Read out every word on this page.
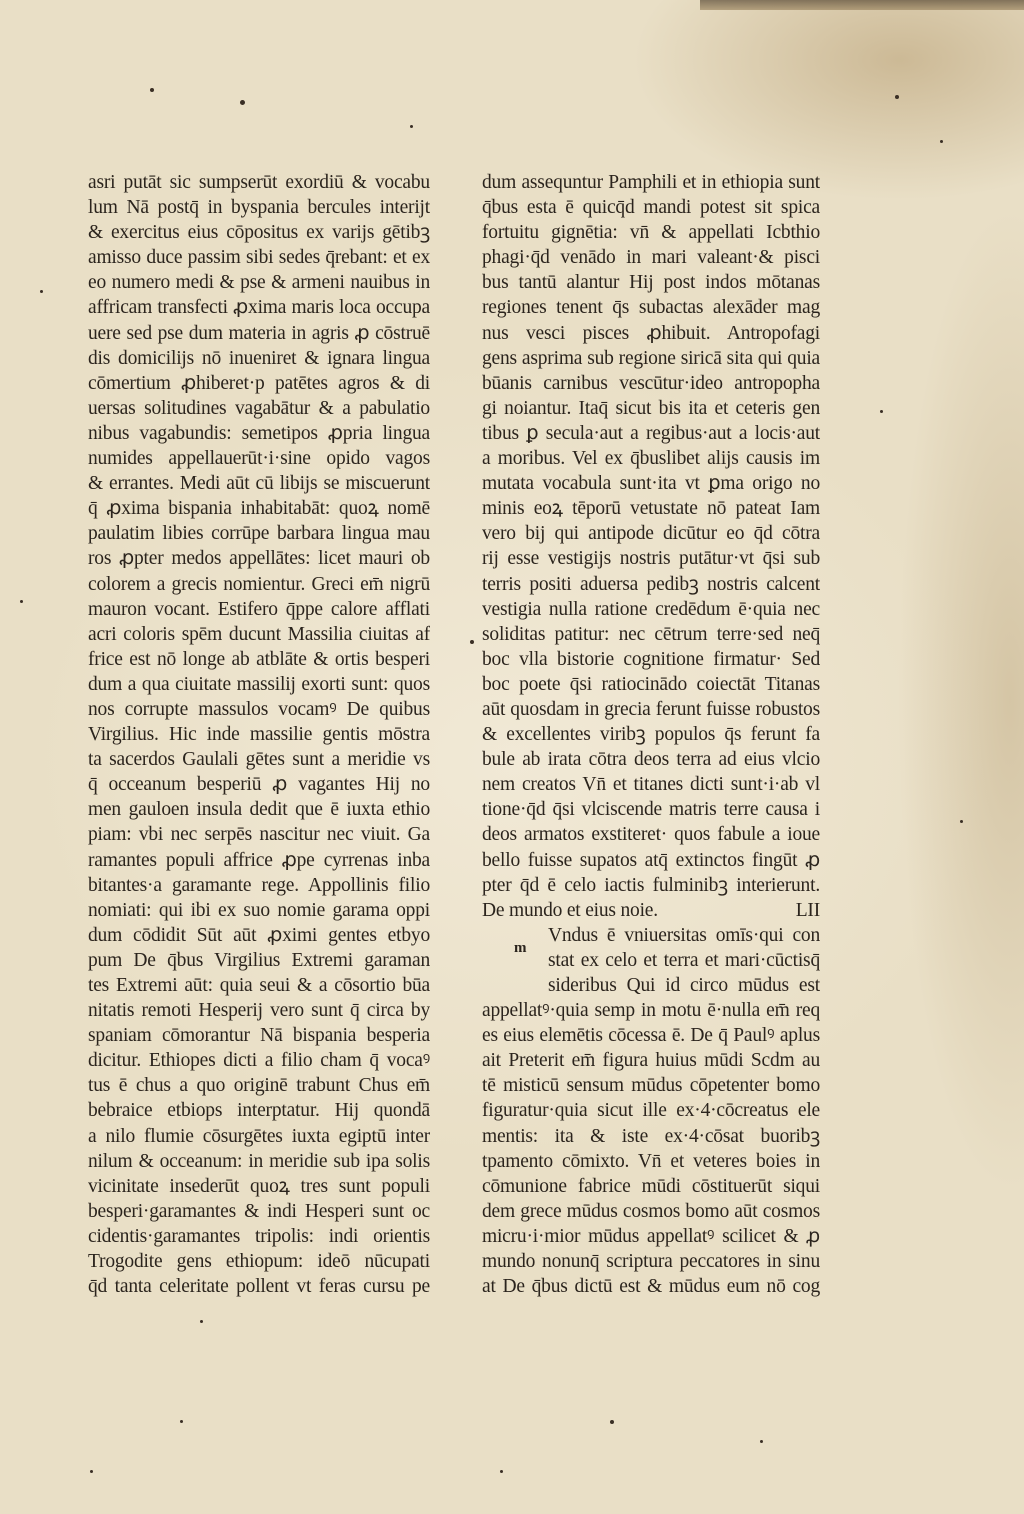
asri putāt sic sumpserūt exordiū & vocabu
lum Nā postq̄ in byspania bercules interijt
& exercitus eius cōpositus ex varijs gētibꝫ
amisso duce passim sibi sedes q̄rebant: et ex
eo numero medi & pse & armeni nauibus in
affricam transfecti ꝓxima maris loca occupa
uere sed pse dum materia in agris ꝓ cōstruē
dis domicilijs nō inueniret & ignara lingua
cōmertium ꝓhiberet·p patētes agros & di
uersas solitudines vagabātur & a pabulatio
nibus vagabundis: semetipos ꝓpria lingua
numides appellauerūt·i·sine opido vagos
& errantes. Medi aūt cū libijs se miscuerunt
q̄ ꝓxima bispania inhabitabāt: quoꝝ nomē
paulatim libies corrūpe barbara lingua mau
ros ꝓpter medos appellātes: licet mauri ob
colorem a grecis nomientur. Greci em̄ nigrū
mauron vocant. Estifero q̄ppe calore afflati
acri coloris spēm ducunt Massilia ciuitas af
frice est nō longe ab atblāte & ortis besperi
dum a qua ciuitate massilij exorti sunt: quos
nos corrupte massulos vocamꝰ De quibus
Virgilius. Hic inde massilie gentis mōstra
ta sacerdos Gaulali gētes sunt a meridie vs
q̄ occeanum besperiū ꝓ vagantes Hij no
men gauloen insula dedit que ē iuxta ethio
piam: vbi nec serpēs nascitur nec viuit. Ga
ramantes populi affrice ꝓpe cyrrenas inba
bitantes·a garamante rege. Appollinis filio
nomiati: qui ibi ex suo nomie garama oppi
dum cōdidit Sūt aūt ꝓximi gentes etbyo
pum De q̄bus Virgilius Extremi garaman
tes Extremi aūt: quia seui & a cōsortio būa
nitatis remoti Hesperij vero sunt q̄ circa by
spaniam cōmorantur Nā bispania besperia
dicitur. Ethiopes dicti a filio cham q̄ vocaꝰ
tus ē chus a quo originē trabunt Chus em̄
bebraice etbiops interptatur. Hij quondā
a nilo flumie cōsurgētes iuxta egiptū inter
nilum & occeanum: in meridie sub ipa solis
vicinitate insederūt quoꝝ tres sunt populi
besperi·garamantes & indi Hesperi sunt oc
cidentis·garamantes tripolis: indi orientis
Trogodite gens ethiopum: ideō nūcupati
q̄d tanta celeritate pollent vt feras cursu pe
dum assequntur Pamphili et in ethiopia sunt
q̄bus esta ē quicq̄d mandi potest sit spica
fortuitu gignētia: vn̄ & appellati Icbthio
phagi·q̄d venādo in mari valeant·& pisci
bus tantū alantur Hij post indos mōtanas
regiones tenent q̄s subactas alexāder mag
nus vesci pisces ꝓhibuit. Antropofagi
gens asprima sub regione siricā sita qui quia
būanis carnibus vescūtur·ideo antropopha
gi noiantur. Itaq̄ sicut bis ita et ceteris gen
tibus ꝑ secula·aut a regibus·aut a locis·aut
a moribus. Vel ex q̄buslibet alijs causis im
mutata vocabula sunt·ita vt ꝑma origo no
minis eoꝝ tēporū vetustate nō pateat Iam
vero bij qui antipode dicūtur eo q̄d cōtra
rij esse vestigijs nostris putātur·vt q̄si sub
terris positi aduersa pedibꝫ nostris calcent
vestigia nulla ratione credēdum ē·quia nec
soliditas patitur: nec cētrum terre·sed neq̄
boc vlla bistorie cognitione firmatur· Sed
boc poete q̄si ratiocinādo coiectāt Titanas
aūt quosdam in grecia ferunt fuisse robustos
& excellentes viribꝫ populos q̄s ferunt fa
bule ab irata cōtra deos terra ad eius vlcio
nem creatos Vn̄ et titanes dicti sunt·i·ab vl
tione·q̄d q̄si vlciscende matris terre causa i
deos armatos exstiteret· quos fabule a ioue
bello fuisse supatos atq̄ extinctos fingūt ꝓ
pter q̄d ē celo iactis fulminibꝫ interierunt.
De mundo et eius noie.	LII
Vndus ē vniuersitas omīs·qui con
stat ex celo et terra et mari·cūctisq̄
sideribus Qui id circo mūdus est
appellatꝰ·quia semp in motu ē·nulla em̄ req
es eius elemētis cōcessa ē. De q̄ Paulꝰ aplus
ait Preterit em̄ figura huius mūdi Scdm au
tē misticū sensum mūdus cōpetenter bomo
figuratur·quia sicut ille ex·4·cōcreatus ele
mentis: ita & iste ex·4·cōsat buoribꝫ
tpamento cōmixto. Vn̄ et veteres boies in
cōmunione fabrice mūdi cōstituerūt siqui
dem grece mūdus cosmos bomo aūt cosmos
micru·i·mior mūdus appellatꝰ scilicet & ꝓ
mundo nonunq̄ scriptura peccatores in sinu
at De q̄bus dictū est & mūdus eum nō cog
m
